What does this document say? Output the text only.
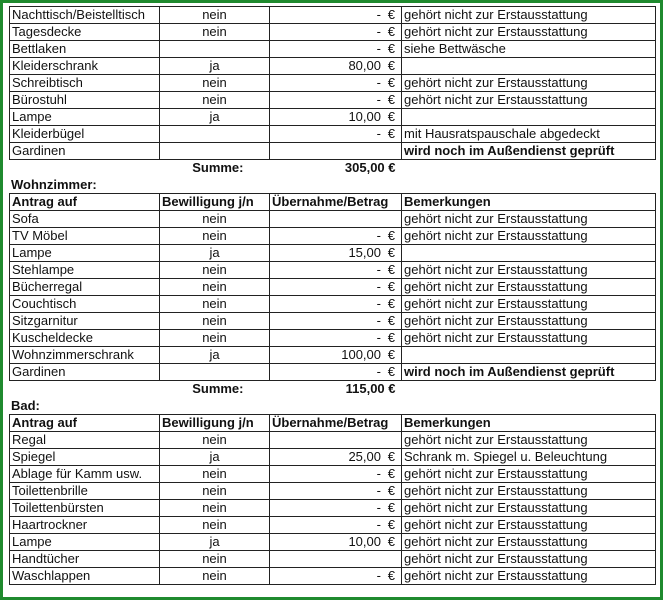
Nachttisch/Beistelltisch	nein	- €	gehört nicht zur Erstausstattung
Tagesdecke	nein	- €	gehört nicht zur Erstausstattung
Bettlaken		- €	siehe Bettwäsche
Kleiderschrank	ja	80,00 €	
Schreibtisch	nein	- €	gehört nicht zur Erstausstattung
Bürostuhl	nein	- €	gehört nicht zur Erstausstattung
Lampe	ja	10,00 €	
Kleiderbügel		- €	mit Hausratspauschale abgedeckt
Gardinen			wird noch im Außendienst geprüft
Summe:		305,00 €	
Wohnzimmer:
Antrag auf	Bewilligung j/n	Übernahme/Betrag	Bemerkungen
Sofa	nein		gehört nicht zur Erstausstattung
TV Möbel	nein	- €	gehört nicht zur Erstausstattung
Lampe	ja	15,00 €	
Stehlampe	nein	- €	gehört nicht zur Erstausstattung
Bücherregal	nein	- €	gehört nicht zur Erstausstattung
Couchtisch	nein	- €	gehört nicht zur Erstausstattung
Sitzgarnitur	nein	- €	gehört nicht zur Erstausstattung
Kuscheldecke	nein	- €	gehört nicht zur Erstausstattung
Wohnzimmerschrank	ja	100,00 €	
Gardinen		- €	wird noch im Außendienst geprüft
Summe:		115,00 €	
Bad:
Antrag auf	Bewilligung j/n	Übernahme/Betrag	Bemerkungen
Regal	nein		gehört nicht zur Erstausstattung
Spiegel	ja	25,00 €	Schrank m. Spiegel u. Beleuchtung
Ablage für Kamm usw.	nein	- €	gehört nicht zur Erstausstattung
Toilettenbrille	nein	- €	gehört nicht zur Erstausstattung
Toilettenbürsten	nein	- €	gehört nicht zur Erstausstattung
Haartrockner	nein	- €	gehört nicht zur Erstausstattung
Lampe	ja	10,00 €	gehört nicht zur Erstausstattung
Handtücher	nein		gehört nicht zur Erstausstattung
Waschlappen	nein	- €	gehört nicht zur Erstausstattung
